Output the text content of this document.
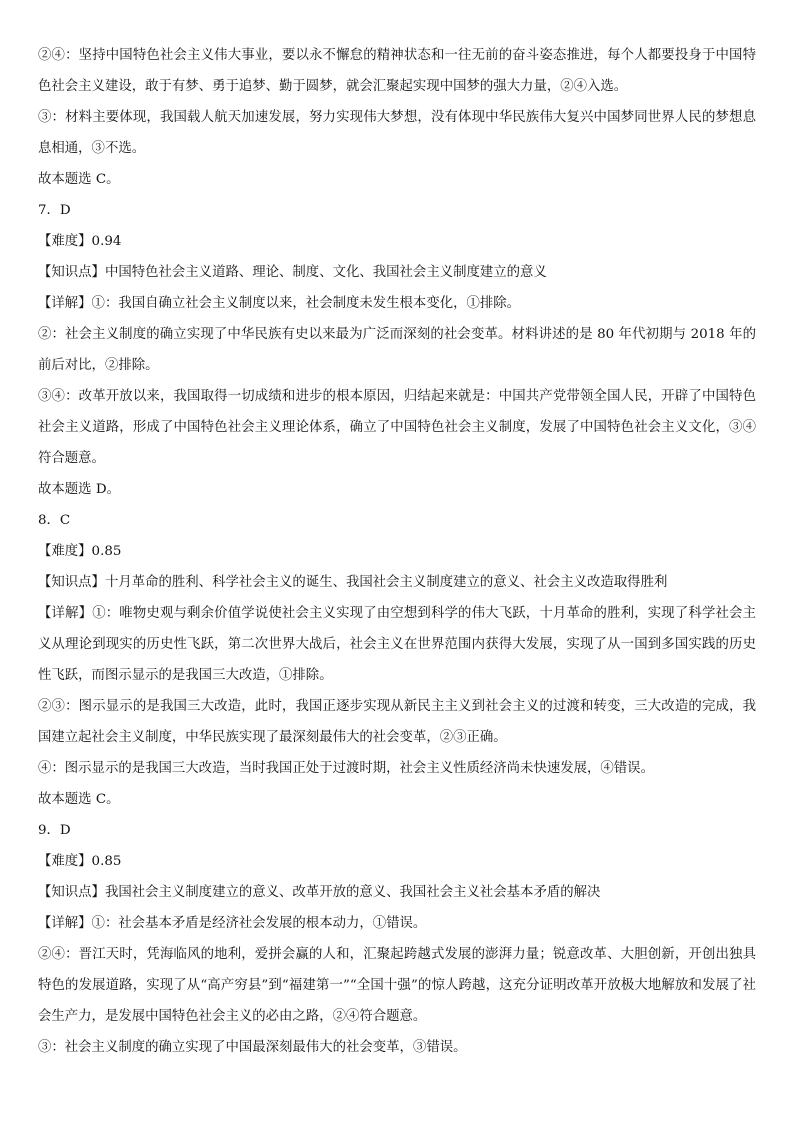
②④：坚持中国特色社会主义伟大事业，要以永不懈怠的精神状态和一往无前的奋斗姿态推进，每个人都要投身于中国特色社会主义建设，敢于有梦、勇于追梦、勤于圆梦，就会汇聚起实现中国梦的强大力量，②④入选。

③：材料主要体现，我国载人航天加速发展，努力实现伟大梦想，没有体现中华民族伟大复兴中国梦同世界人民的梦想息息相通，③不选。

故本题选 C。

7．D

【难度】0.94

【知识点】中国特色社会主义道路、理论、制度、文化、我国社会主义制度建立的意义

【详解】①：我国自确立社会主义制度以来，社会制度未发生根本变化，①排除。

②：社会主义制度的确立实现了中华民族有史以来最为广泛而深刻的社会变革。材料讲述的是 80 年代初期与 2018 年的前后对比，②排除。

③④：改革开放以来，我国取得一切成绩和进步的根本原因，归结起来就是：中国共产党带领全国人民，开辟了中国特色社会主义道路，形成了中国特色社会主义理论体系，确立了中国特色社会主义制度，发展了中国特色社会主义文化，③④符合题意。

故本题选 D。

8．C

【难度】0.85

【知识点】十月革命的胜利、科学社会主义的诞生、我国社会主义制度建立的意义、社会主义改造取得胜利

【详解】①：唯物史观与剩余价值学说使社会主义实现了由空想到科学的伟大飞跃，十月革命的胜利，实现了科学社会主义从理论到现实的历史性飞跃，第二次世界大战后，社会主义在世界范围内获得大发展，实现了从一国到多国实践的历史性飞跃，而图示显示的是我国三大改造，①排除。

②③：图示显示的是我国三大改造，此时，我国正逐步实现从新民主主义到社会主义的过渡和转变，三大改造的完成，我国建立起社会主义制度，中华民族实现了最深刻最伟大的社会变革，②③正确。

④：图示显示的是我国三大改造，当时我国正处于过渡时期，社会主义性质经济尚未快速发展，④错误。

故本题选 C。

9．D

【难度】0.85

【知识点】我国社会主义制度建立的意义、改革开放的意义、我国社会主义社会基本矛盾的解决

【详解】①：社会基本矛盾是经济社会发展的根本动力，①错误。

②④：晋江天时，凭海临风的地利，爱拼会赢的人和，汇聚起跨越式发展的澎湃力量；锐意改革、大胆创新，开创出独具特色的发展道路，实现了从“高产穷县”到“福建第一”“全国十强”的惊人跨越，这充分证明改革开放极大地解放和发展了社会生产力，是发展中国特色社会主义的必由之路，②④符合题意。

③：社会主义制度的确立实现了中国最深刻最伟大的社会变革，③错误。
